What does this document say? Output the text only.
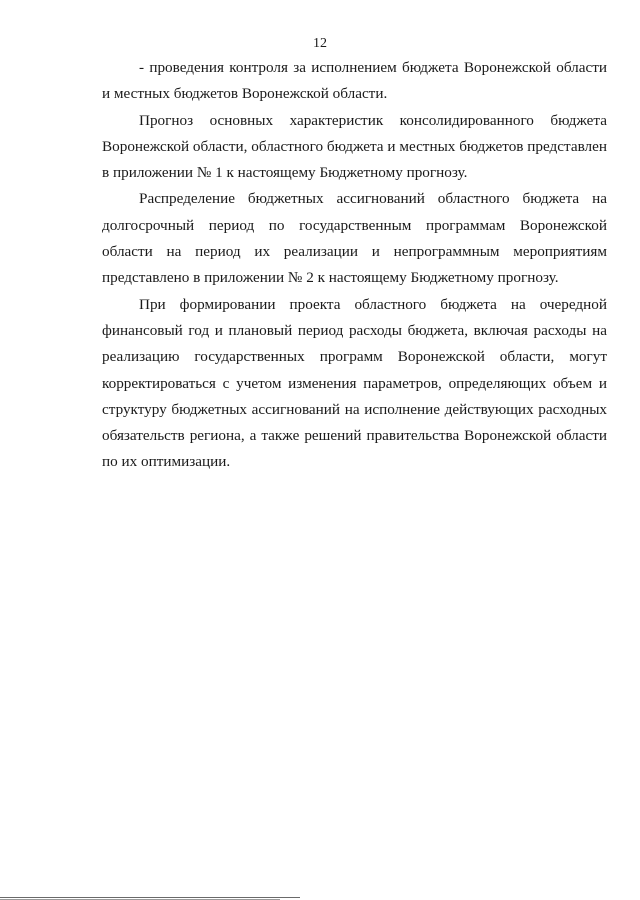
12

- проведения контроля за исполнением бюджета Воронежской области и местных бюджетов Воронежской области.

Прогноз основных характеристик консолидированного бюджета Воронежской области, областного бюджета и местных бюджетов представлен в приложении № 1 к настоящему Бюджетному прогнозу.

Распределение бюджетных ассигнований областного бюджета на долгосрочный период по государственным программам Воронежской области на период их реализации и непрограммным мероприятиям представлено в приложении № 2 к настоящему Бюджетному прогнозу.

При формировании проекта областного бюджета на очередной финансовый год и плановый период расходы бюджета, включая расходы на реализацию государственных программ Воронежской области, могут корректироваться с учетом изменения параметров, определяющих объем и структуру бюджетных ассигнований на исполнение действующих расходных обязательств региона, а также решений правительства Воронежской области по их оптимизации.
